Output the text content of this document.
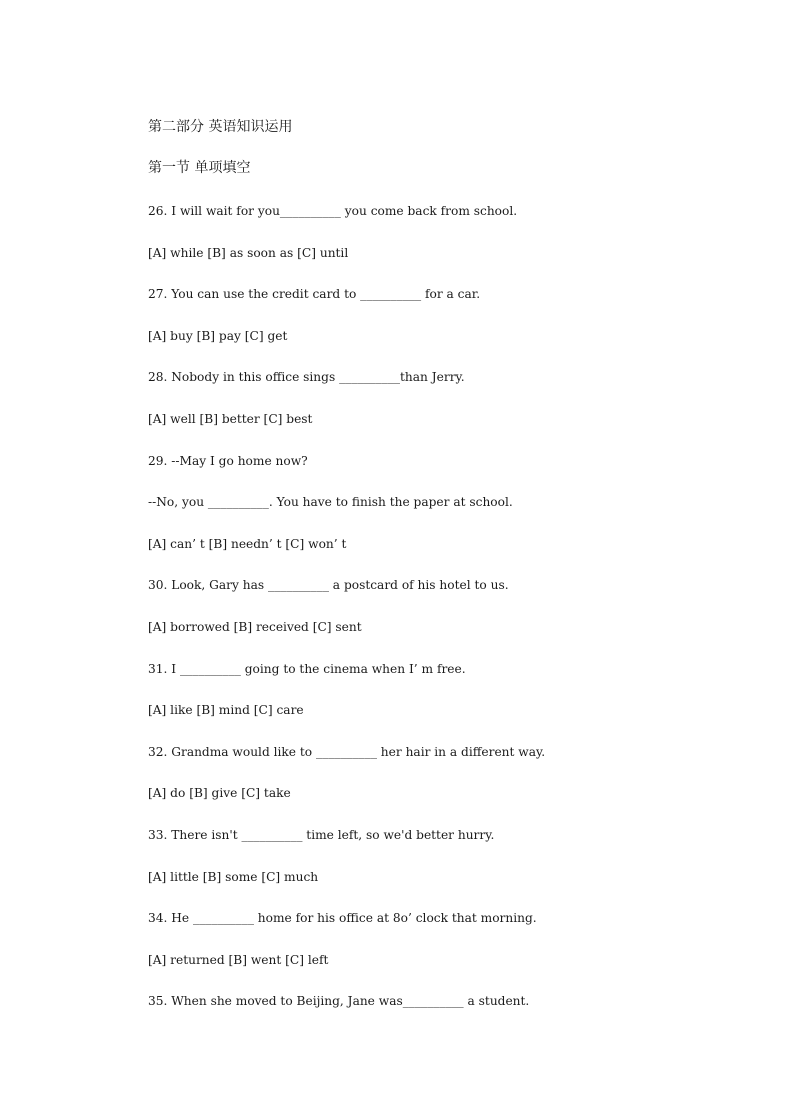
第二部分 英语知识运用
第一节 单项填空
26. I will wait for you__________ you come back from school.
[A] while [B] as soon as [C] until
27. You can use the credit card to __________ for a car.
[A] buy [B] pay [C] get
28. Nobody in this office sings __________than Jerry.
[A] well [B] better [C] best
29. --May I go home now?
--No, you __________. You have to finish the paper at school.
[A] can’ t [B] needn’ t [C] won’ t
30. Look, Gary has __________ a postcard of his hotel to us.
[A] borrowed [B] received [C] sent
31. I __________ going to the cinema when I’ m free.
[A] like [B] mind [C] care
32. Grandma would like to __________ her hair in a different way.
[A] do [B] give [C] take
33. There isn't __________ time left, so we'd better hurry.
[A] little [B] some [C] much
34. He __________ home for his office at 8o’ clock that morning.
[A] returned [B] went [C] left
35. When she moved to Beijing, Jane was__________ a student.
